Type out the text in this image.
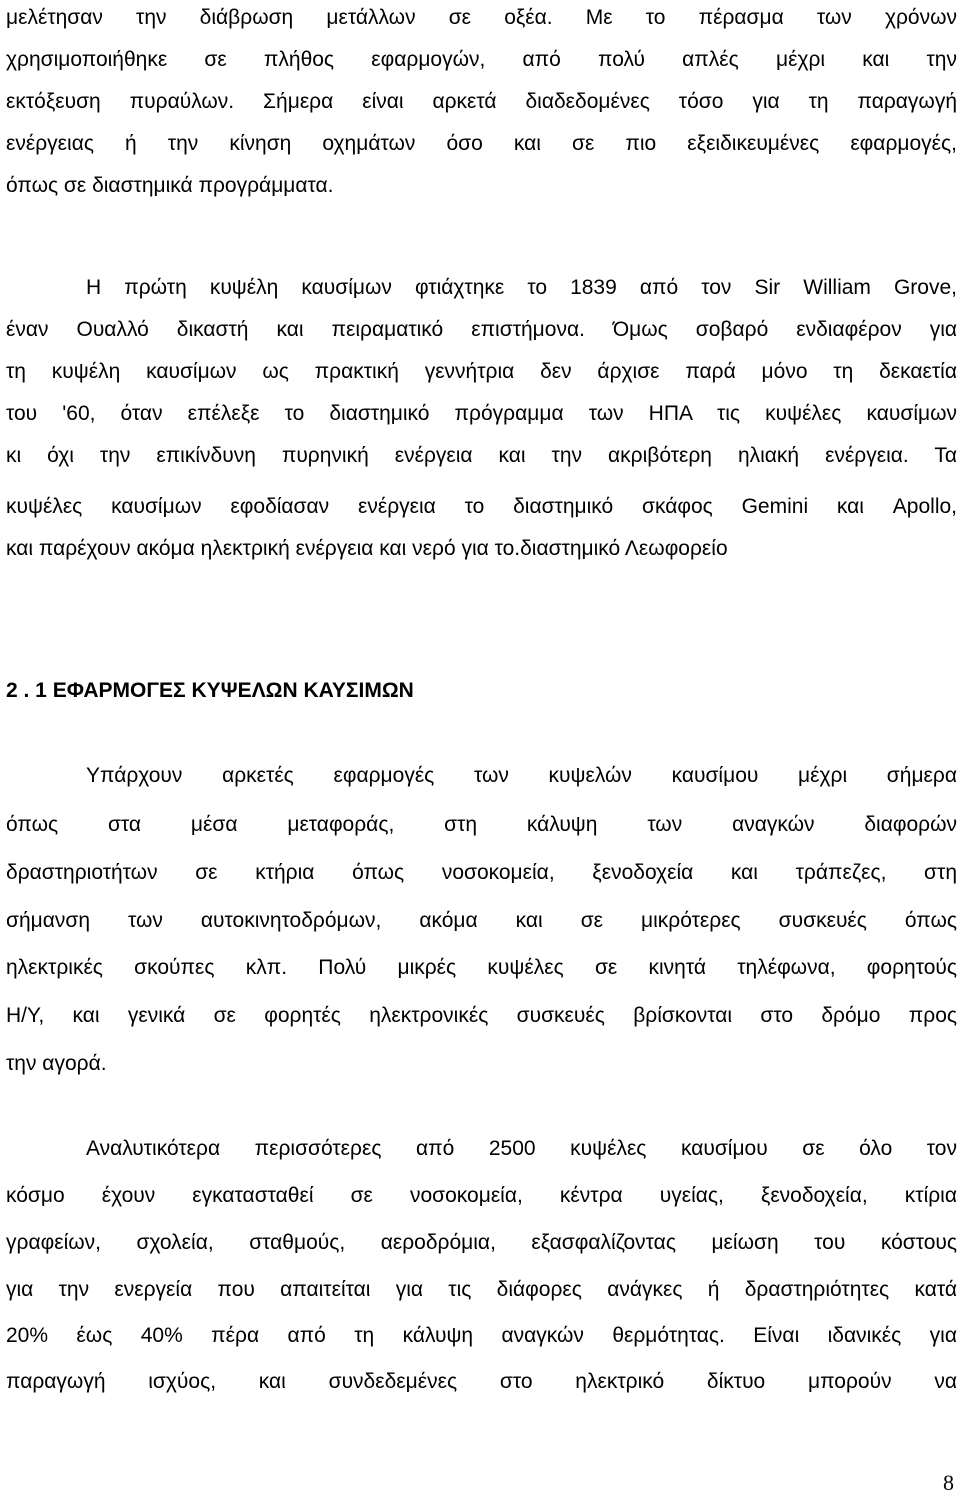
μελέτησαν την διάβρωση μετάλλων σε οξέα. Με το πέρασμα των χρόνων
χρησιμοποιήθηκε σε πλήθος εφαρμογών, από πολύ απλές μέχρι και την
εκτόξευση πυραύλων. Σήμερα είναι αρκετά διαδεδομένες τόσο για τη παραγωγή
ενέργειας ή την κίνηση οχημάτων όσο και σε πιο εξειδικευμένες εφαρμογές,
όπως σε διαστημικά προγράμματα.
Η πρώτη κυψέλη καυσίμων φτιάχτηκε το 1839 από τον Sir William Grove,
έναν Ουαλλό δικαστή και πειραματικό επιστήμονα. Όμως σοβαρό ενδιαφέρον για
τη κυψέλη καυσίμων ως πρακτική γεννήτρια δεν άρχισε παρά μόνο τη δεκαετία
του '60, όταν επέλεξε το διαστημικό πρόγραμμα των ΗΠΑ τις κυψέλες καυσίμων
κι όχι την επικίνδυνη πυρηνική ενέργεια και την ακριβότερη ηλιακή ενέργεια. Τα
κυψέλες καυσίμων εφοδίασαν ενέργεια το διαστημικό σκάφος Gemini και Apollo,
και παρέχουν ακόμα ηλεκτρική ενέργεια και νερό για το.διαστημικό Λεωφορείο
2 . 1 ΕΦΑΡΜΟΓΕΣ ΚΥΨΕΛΩΝ ΚΑΥΣΙΜΩΝ
Υπάρχουν αρκετές εφαρμογές των κυψελών καυσίμου μέχρι σήμερα
όπως στα μέσα μεταφοράς, στη κάλυψη των αναγκών διαφορών
δραστηριοτήτων σε κτήρια όπως νοσοκομεία, ξενοδοχεία και τράπεζες, στη
σήμανση των αυτοκινητοδρόμων, ακόμα και σε μικρότερες συσκευές όπως
ηλεκτρικές σκούπες κλπ. Πολύ μικρές κυψέλες σε κινητά τηλέφωνα, φορητούς
Η/Υ, και γενικά σε φορητές ηλεκτρονικές συσκευές βρίσκονται στο δρόμο προς
την αγορά.
Αναλυτικότερα περισσότερες από 2500 κυψέλες καυσίμου σε όλο τον
κόσμο έχουν εγκατασταθεί σε νοσοκομεία, κέντρα υγείας, ξενοδοχεία, κτίρια
γραφείων, σχολεία, σταθμούς, αεροδρόμια, εξασφαλίζοντας μείωση του κόστους
για την ενεργεία που απαιτείται για τις διάφορες ανάγκες ή δραστηριότητες κατά
20% έως 40% πέρα από τη κάλυψη αναγκών θερμότητας. Είναι ιδανικές για
παραγωγή ισχύος, και συνδεδεμένες στο ηλεκτρικό δίκτυο μπορούν να
8
